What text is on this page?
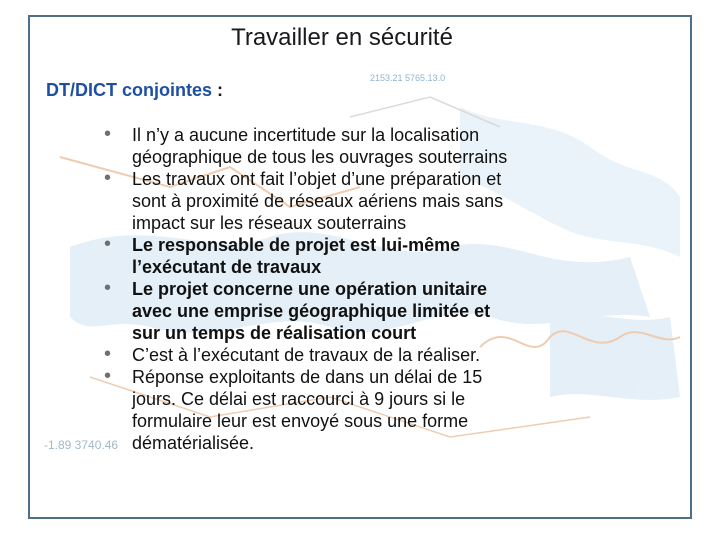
2153.21 5765.13.0
-1.89 3740.46
Travailler en sécurité
DT/DICT conjointes :
• Il n’y a aucune incertitude sur la localisation
géographique de tous les ouvrages souterrains
• Les travaux ont fait l’objet d’une préparation et
sont à proximité de réseaux aériens mais sans
impact sur les réseaux souterrains
• Le responsable de projet est lui-même
l’exécutant de travaux
• Le projet concerne une opération unitaire
avec une emprise géographique limitée et
sur un temps de réalisation court
• C’est à l’exécutant de travaux de la réaliser.
• Réponse exploitants de dans un délai de 15
jours. Ce délai est raccourci à 9 jours si le
formulaire leur est envoyé sous une forme
dématérialisée.
